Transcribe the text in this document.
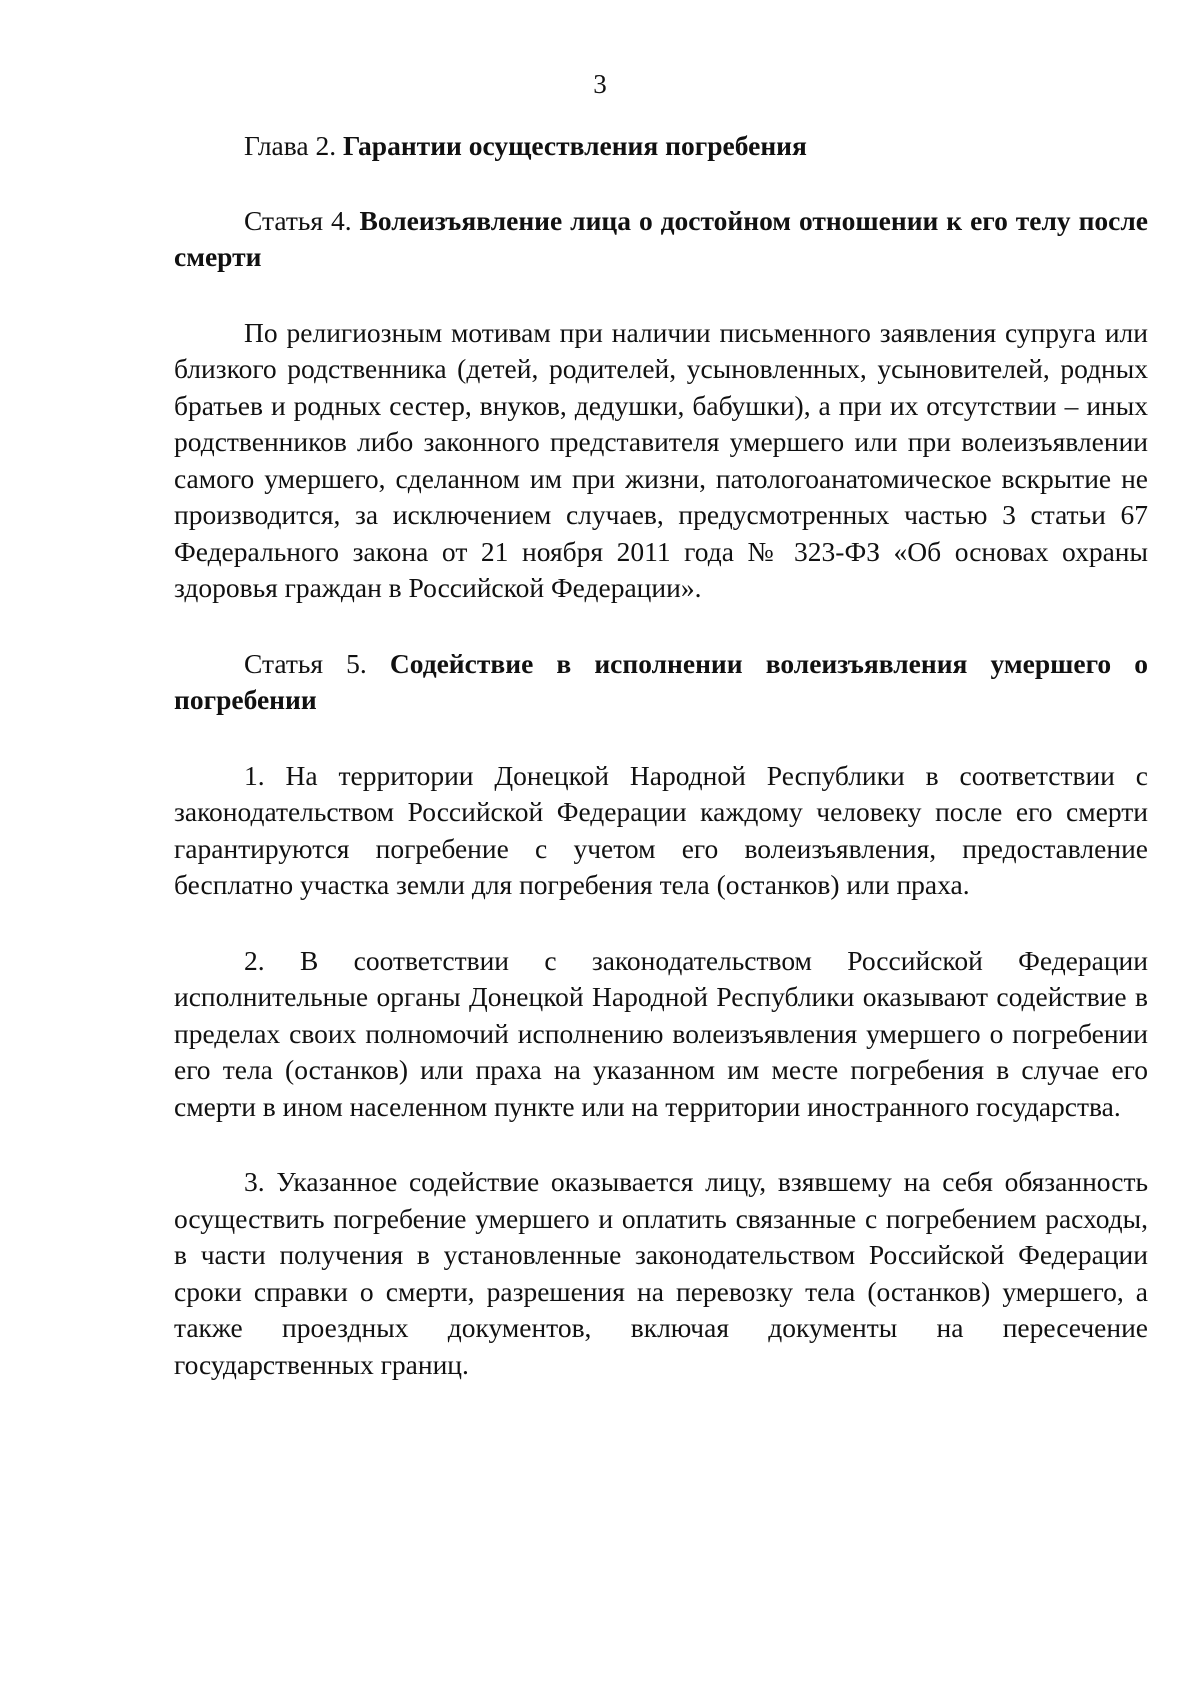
3
Глава 2. Гарантии осуществления погребения
Статья 4. Волеизъявление лица о достойном отношении к его телу после смерти

По религиозным мотивам при наличии письменного заявления супруга или близкого родственника (детей, родителей, усыновленных, усыновителей, родных братьев и родных сестер, внуков, дедушки, бабушки), а при их отсутствии – иных родственников либо законного представителя умершего или при волеизъявлении самого умершего, сделанном им при жизни, патологоанатомическое вскрытие не производится, за исключением случаев, предусмотренных частью 3 статьи 67 Федерального закона от 21 ноября 2011 года № 323-ФЗ «Об основах охраны здоровья граждан в Российской Федерации».

Статья 5. Содействие в исполнении волеизъявления умершего о погребении

1. На территории Донецкой Народной Республики в соответствии с законодательством Российской Федерации каждому человеку после его смерти гарантируются погребение с учетом его волеизъявления, предоставление бесплатно участка земли для погребения тела (останков) или праха.

2. В соответствии с законодательством Российской Федерации исполнительные органы Донецкой Народной Республики оказывают содействие в пределах своих полномочий исполнению волеизъявления умершего о погребении его тела (останков) или праха на указанном им месте погребения в случае его смерти в ином населенном пункте или на территории иностранного государства.

3. Указанное содействие оказывается лицу, взявшему на себя обязанность осуществить погребение умершего и оплатить связанные с погребением расходы, в части получения в установленные законодательством Российской Федерации сроки справки о смерти, разрешения на перевозку тела (останков) умершего, а также проездных документов, включая документы на пересечение государственных границ.
